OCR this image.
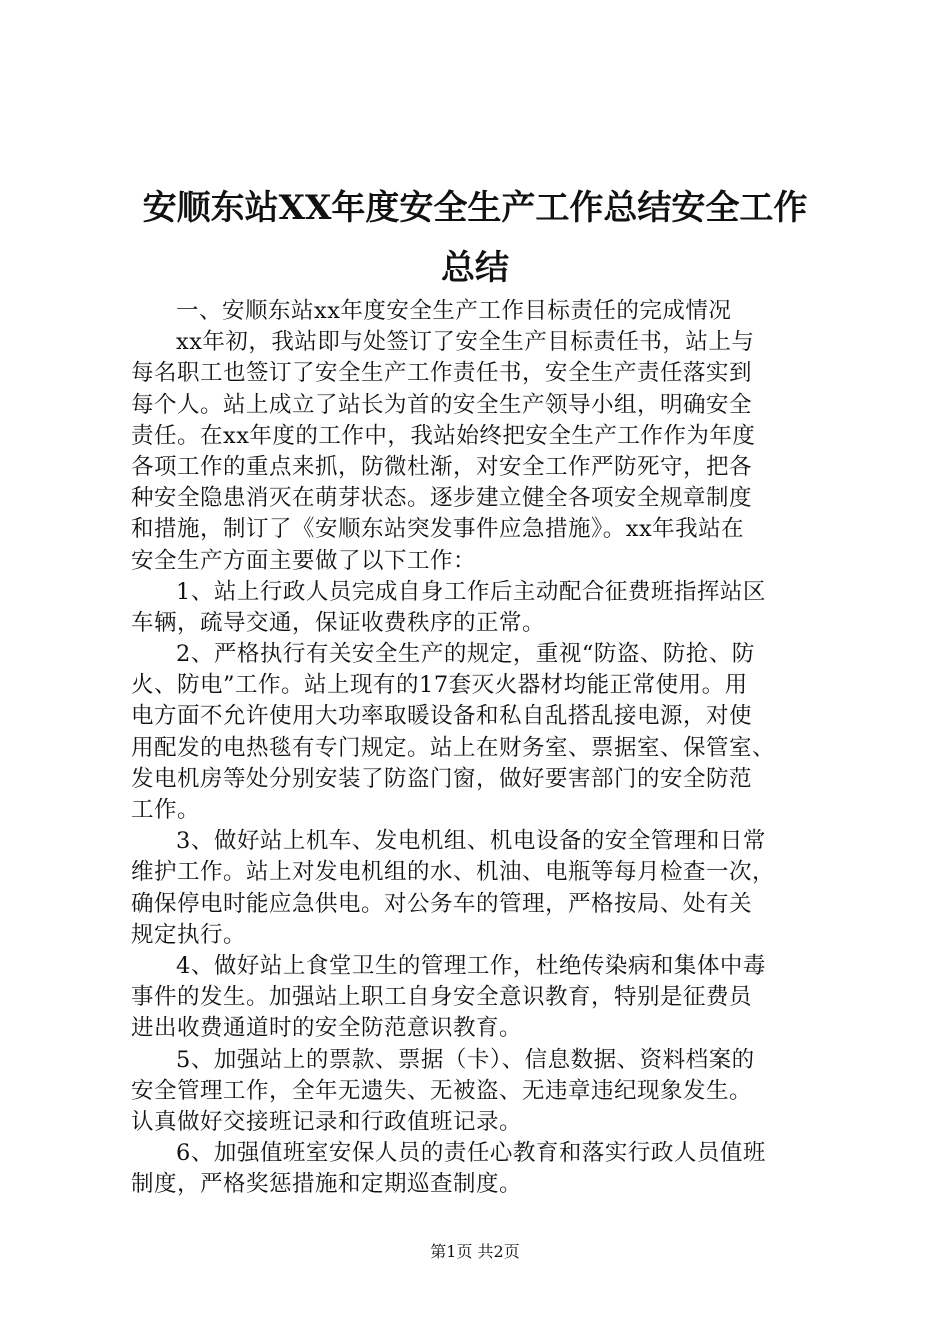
安顺东站XX年度安全生产工作总结安全工作
总结
一、安顺东站xx年度安全生产工作目标责任的完成情况
xx年初，我站即与处签订了安全生产目标责任书，站上与
每名职工也签订了安全生产工作责任书，安全生产责任落实到
每个人。站上成立了站长为首的安全生产领导小组，明确安全
责任。在xx年度的工作中，我站始终把安全生产工作作为年度
各项工作的重点来抓，防微杜渐，对安全工作严防死守，把各
种安全隐患消灭在萌芽状态。逐步建立健全各项安全规章制度
和措施，制订了《安顺东站突发事件应急措施》。xx年我站在
安全生产方面主要做了以下工作：
1、站上行政人员完成自身工作后主动配合征费班指挥站区
车辆，疏导交通，保证收费秩序的正常。
2、严格执行有关安全生产的规定，重视“防盗、防抢、防
火、防电”工作。站上现有的17套灭火器材均能正常使用。用
电方面不允许使用大功率取暖设备和私自乱搭乱接电源，对使
用配发的电热毯有专门规定。站上在财务室、票据室、保管室、
发电机房等处分别安装了防盗门窗，做好要害部门的安全防范
工作。
3、做好站上机车、发电机组、机电设备的安全管理和日常
维护工作。站上对发电机组的水、机油、电瓶等每月检查一次，
确保停电时能应急供电。对公务车的管理，严格按局、处有关
规定执行。
4、做好站上食堂卫生的管理工作，杜绝传染病和集体中毒
事件的发生。加强站上职工自身安全意识教育，特别是征费员
进出收费通道时的安全防范意识教育。
5、加强站上的票款、票据（卡）、信息数据、资料档案的
安全管理工作，全年无遗失、无被盗、无违章违纪现象发生。
认真做好交接班记录和行政值班记录。
6、加强值班室安保人员的责任心教育和落实行政人员值班
制度，严格奖惩措施和定期巡查制度。
第1页 共2页
